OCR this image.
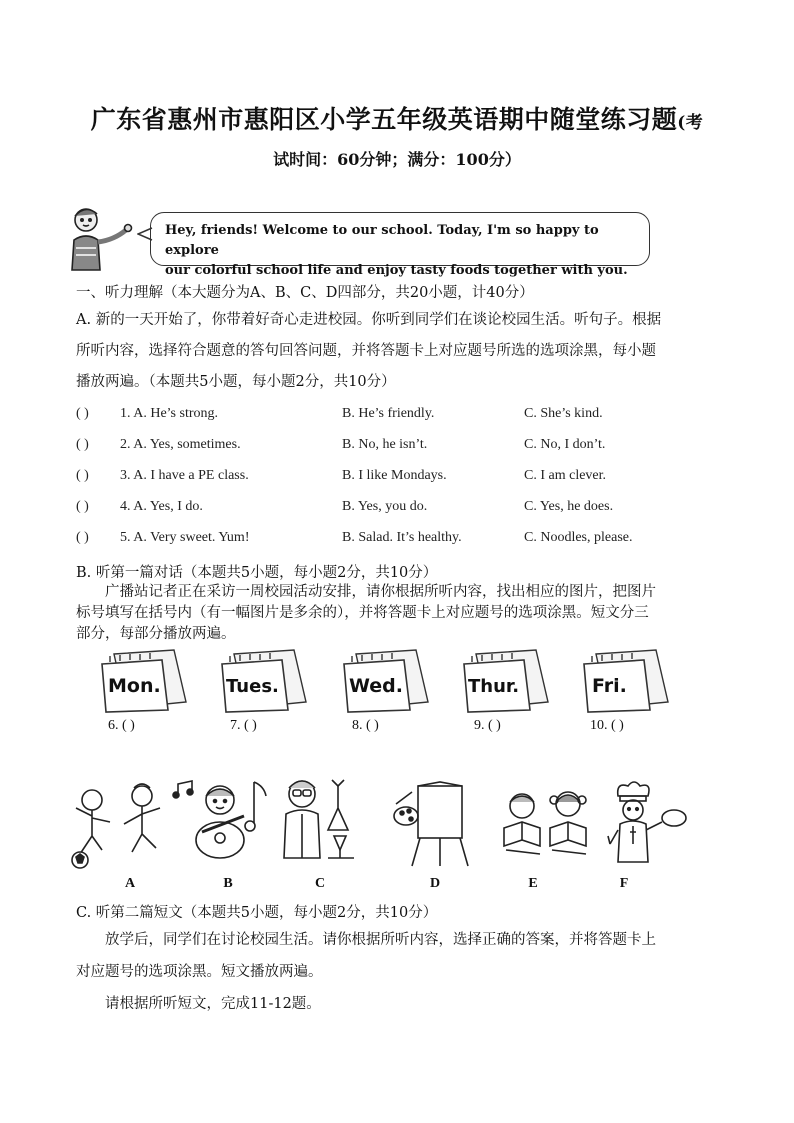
广东省惠州市惠阳区小学五年级英语期中随堂练习题(考
试时间：60分钟；满分：100分）
Hey, friends! Welcome to our school. Today, I'm so happy to explore
our colorful school life and enjoy tasty foods together with you.
一、听力理解（本大题分为A、B、C、D四部分，共20小题，计40分）
A. 新的一天开始了，你带着好奇心走进校园。你听到同学们在谈论校园生活。听句子。根据
所听内容，选择符合题意的答句回答问题，并将答题卡上对应题号所选的选项涂黑，每小题
播放两遍。（本题共5小题，每小题2分，共10分）
( ) 1. A. He’s strong.	B. He’s friendly.	C. She’s kind.
( ) 2. A. Yes, sometimes.	B. No, he isn’t.	C. No, I don’t.
( ) 3. A. I have a PE class.	B. I like Mondays.	C. I am clever.
( ) 4. A. Yes, I do.	B. Yes, you do.	C. Yes, he does.
( ) 5. A. Very sweet. Yum!	B. Salad. It’s healthy.	C. Noodles, please.
B. 听第一篇对话（本题共5小题，每小题2分，共10分）
广播站记者正在采访一周校园活动安排，请你根据所听内容，找出相应的图片，把图片
标号填写在括号内（有一幅图片是多余的），并将答题卡上对应题号的选项涂黑。短文分三
部分，每部分播放两遍。
Mon.	Tues.	Wed.	Thur.	Fri.
6. ( )	7. ( )	8. ( )	9. ( )	10. ( )
A	B	C	D	E	F
C. 听第二篇短文（本题共5小题，每小题2分，共10分）
放学后，同学们在讨论校园生活。请你根据所听内容，选择正确的答案，并将答题卡上
对应题号的选项涂黑。短文播放两遍。
请根据所听短文，完成11-12题。
